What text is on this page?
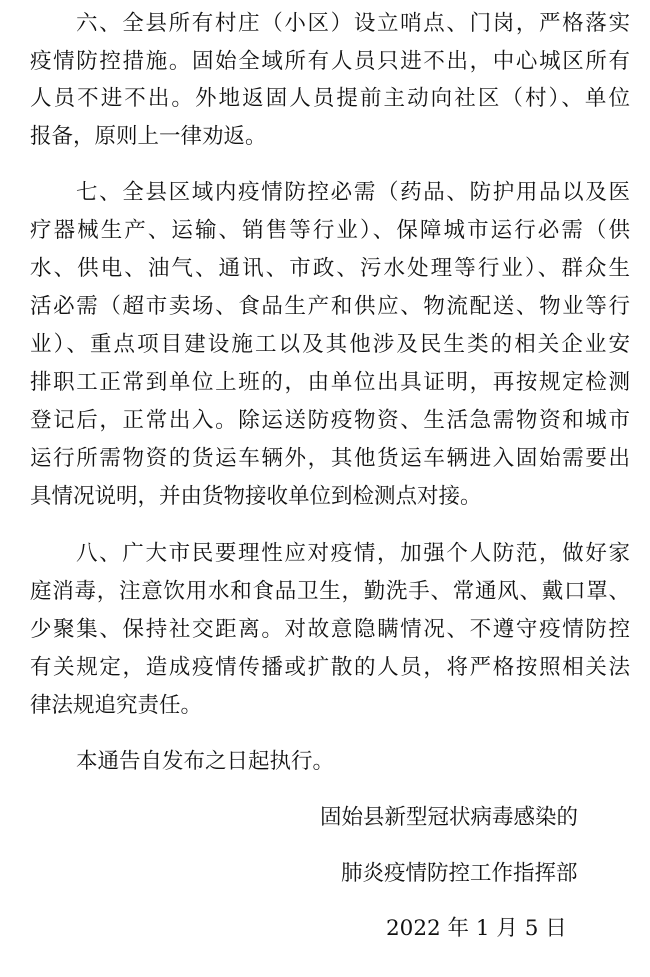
六、全县所有村庄（小区）设立哨点、门岗，严格落实
疫情防控措施。固始全域所有人员只进不出，中心城区所有
人员不进不出。外地返固人员提前主动向社区（村）、单位
报备，原则上一律劝返。
七、全县区域内疫情防控必需（药品、防护用品以及医
疗器械生产、运输、销售等行业）、保障城市运行必需（供
水、供电、油气、通讯、市政、污水处理等行业）、群众生
活必需（超市卖场、食品生产和供应、物流配送、物业等行
业）、重点项目建设施工以及其他涉及民生类的相关企业安
排职工正常到单位上班的，由单位出具证明，再按规定检测
登记后，正常出入。除运送防疫物资、生活急需物资和城市
运行所需物资的货运车辆外，其他货运车辆进入固始需要出
具情况说明，并由货物接收单位到检测点对接。
八、广大市民要理性应对疫情，加强个人防范，做好家
庭消毒，注意饮用水和食品卫生，勤洗手、常通风、戴口罩、
少聚集、保持社交距离。对故意隐瞒情况、不遵守疫情防控
有关规定，造成疫情传播或扩散的人员，将严格按照相关法
律法规追究责任。
本通告自发布之日起执行。
固始县新型冠状病毒感染的
肺炎疫情防控工作指挥部
2022 年 1 月 5 日
